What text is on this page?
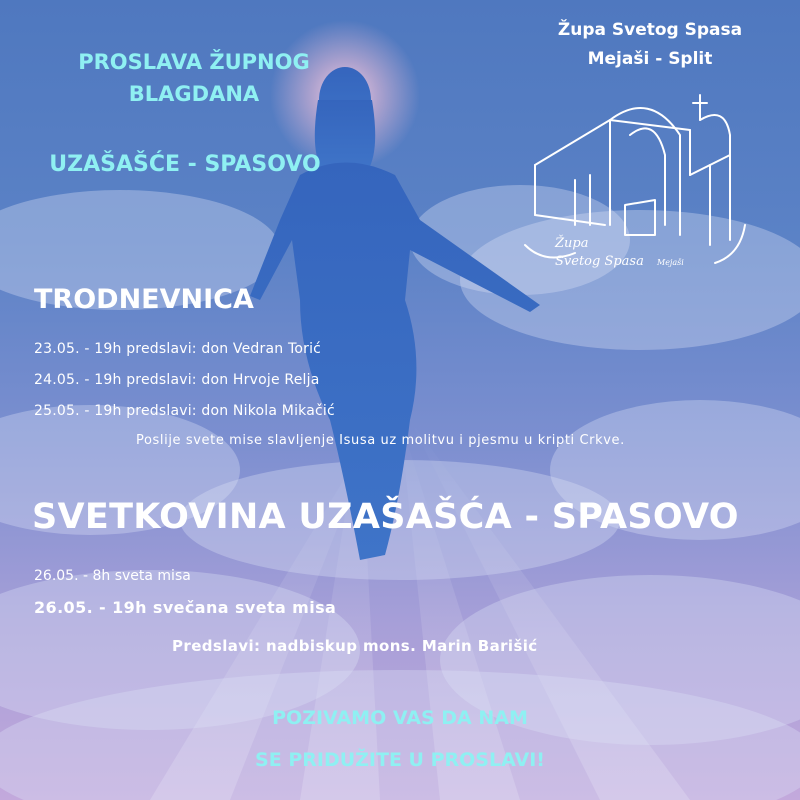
Župa
Svetog Spasa Mejaši

PROSLAVA ŽUPNOG

BLAGDANA

UZAŠAŠĆE - SPASOVO

Župa Svetog Spasa

Mejaši - Split

TRODNEVNICA

23.05. - 19h predslavi: don Vedran Torić

24.05. - 19h predslavi: don Hrvoje Relja

25.05. - 19h predslavi: don Nikola Mikačić

Poslije svete mise slavljenje Isusa uz molitvu i pjesmu u kripti Crkve.

SVETKOVINA UZAŠAŠĆA - SPASOVO

26.05. - 8h sveta misa

26.05. - 19h svečana sveta misa

Predslavi: nadbiskup mons. Marin Barišić

POZIVAMO VAS DA NAM

SE PRIDUŽITE U PROSLAVI!
